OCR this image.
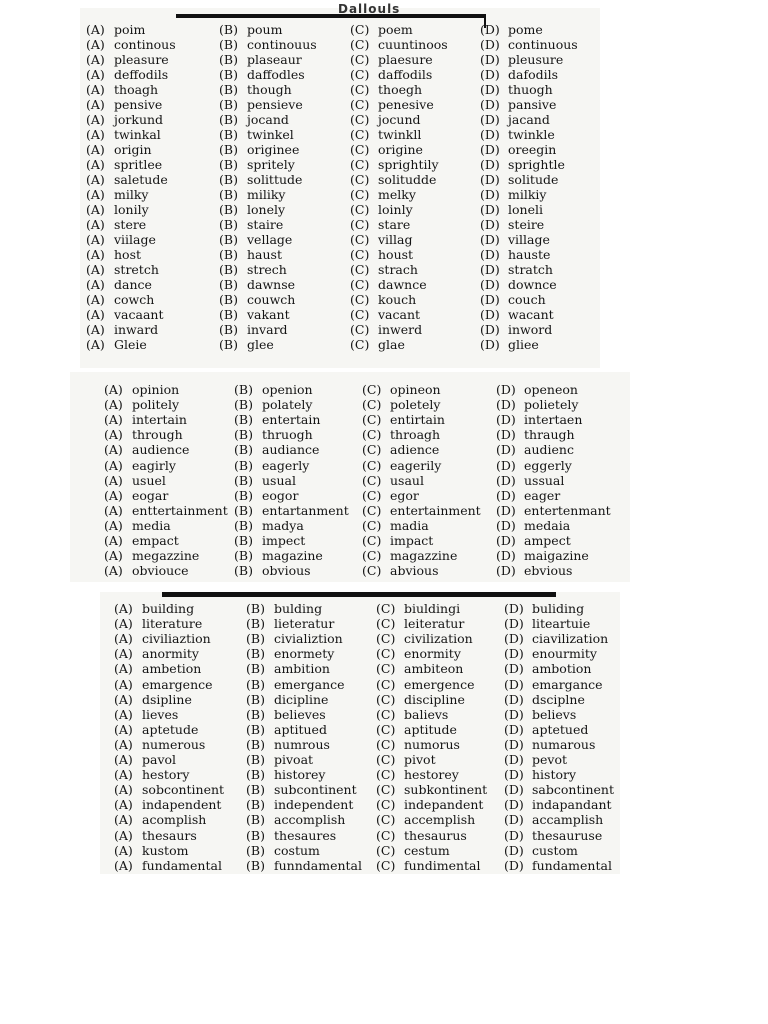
Dallouls
(A) poim	(B) poum	(C) poem	(D) pome
(A) continous	(B) continouus	(C) cuuntinoos	(D) continuous
(A) pleasure	(B) plaseaur	(C) plaesure	(D) pleusure
(A) deffodils	(B) daffodles	(C) daffodils	(D) dafodils
(A) thoagh	(B) though	(C) thoegh	(D) thuogh
(A) pensive	(B) pensieve	(C) penesive	(D) pansive
(A) jorkund	(B) jocand	(C) jocund	(D) jacand
(A) twinkal	(B) twinkel	(C) twinkll	(D) twinkle
(A) origin	(B) originee	(C) origine	(D) oreegin
(A) spritlee	(B) spritely	(C) sprightily	(D) sprightle
(A) saletude	(B) solittude	(C) solitudde	(D) solitude
(A) milky	(B) miliky	(C) melky	(D) milkiy
(A) lonily	(B) lonely	(C) loinly	(D) loneli
(A) stere	(B) staire	(C) stare	(D) steire
(A) viilage	(B) vellage	(C) villag	(D) village
(A) host	(B) haust	(C) houst	(D) hauste
(A) stretch	(B) strech	(C) strach	(D) stratch
(A) dance	(B) dawnse	(C) dawnce	(D) downce
(A) cowch	(B) couwch	(C) kouch	(D) couch
(A) vacaant	(B) vakant	(C) vacant	(D) wacant
(A) inward	(B) invard	(C) inwerd	(D) inword
(A) Gleie	(B) glee	(C) glae	(D) gliee
(A) opinion	(B) openion	(C) opineon	(D) openeon
(A) politely	(B) polately	(C) poletely	(D) polietely
(A) intertain	(B) entertain	(C) entirtain	(D) intertaen
(A) through	(B) thruogh	(C) throagh	(D) thraugh
(A) audience	(B) audiance	(C) adience	(D) audienc
(A) eagirly	(B) eagerly	(C) eagerily	(D) eggerly
(A) usuel	(B) usual	(C) usaul	(D) ussual
(A) eogar	(B) eogor	(C) egor	(D) eager
(A) enttertainment (B) entartanment (C) entertainment (D) entertenmant
(A) media	(B) madya	(C) madia	(D) medaia
(A) empact	(B) impect	(C) impact	(D) ampect
(A) megazzine	(B) magazine	(C) magazzine	(D) maigazine
(A) obviouce	(B) obvious	(C) abvious	(D) ebvious
(A) building	(B) bulding	(C) biuldingi	(D) buliding
(A) literature	(B) lieteratur	(C) leiteratur	(D) liteartuie
(A) civiliaztion	(B) civializtion	(C) civilization	(D) ciavilization
(A) anormity	(B) enormety	(C) enormity	(D) enourmity
(A) ambetion	(B) ambition	(C) ambiteon	(D) ambotion
(A) emargence	(B) emergance	(C) emergence (D) emargance
(A) dsipline	(B) dicipline	(C) discipline	(D) dsciplne
(A) lieves	(B) believes	(C) balievs	(D) believs
(A) aptetude	(B) aptitued	(C) aptitude	(D) aptetued
(A) numerous	(B) numrous	(C) numorus	(D) numarous
(A) pavol	(B) pivoat	(C) pivot	(D) pevot
(A) hestory	(B) historey	(C) hestorey	(D) history
(A) sobcontinent (B) subcontinent (C) subkontinent (D) sabcontinent
(A) indapendent (B) independent (C) indepandent (D) indapandant
(A) acomplish	(B) accomplish (C) accemplish (D) accamplish
(A) thesaurs	(B) thesaures	(C) thesaurus	(D) thesauruse
(A) kustom	(B) costum	(C) cestum	(D) custom
(A) fundamental (B) funndamental (C) fundimental (D) fundamental
